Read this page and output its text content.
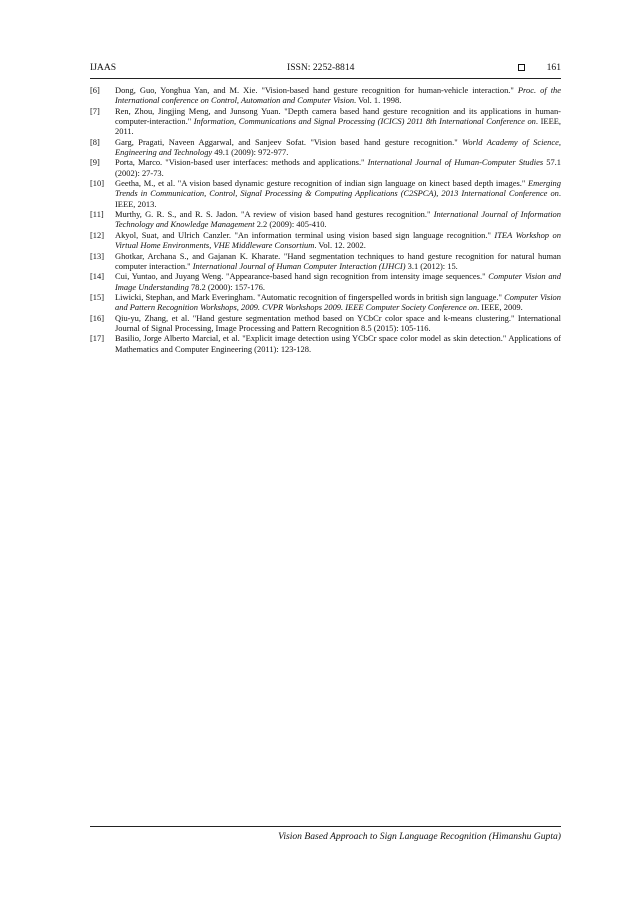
IJAAS	ISSN: 2252-8814	161

[6] Dong, Guo, Yonghua Yan, and M. Xie. "Vision-based hand gesture recognition for human-vehicle interaction." Proc. of the International conference on Control, Automation and Computer Vision. Vol. 1. 1998.

[7] Ren, Zhou, Jingjing Meng, and Junsong Yuan. "Depth camera based hand gesture recognition and its applications in human-computer-interaction." Information, Communications and Signal Processing (ICICS) 2011 8th International Conference on. IEEE, 2011.

[8] Garg, Pragati, Naveen Aggarwal, and Sanjeev Sofat. "Vision based hand gesture recognition." World Academy of Science, Engineering and Technology 49.1 (2009): 972-977.

[9] Porta, Marco. "Vision-based user interfaces: methods and applications." International Journal of Human-Computer Studies 57.1 (2002): 27-73.

[10] Geetha, M., et al. "A vision based dynamic gesture recognition of indian sign language on kinect based depth images." Emerging Trends in Communication, Control, Signal Processing & Computing Applications (C2SPCA), 2013 International Conference on. IEEE, 2013.

[11] Murthy, G. R. S., and R. S. Jadon. "A review of vision based hand gestures recognition." International Journal of Information Technology and Knowledge Management 2.2 (2009): 405-410.

[12] Akyol, Suat, and Ulrich Canzler. "An information terminal using vision based sign language recognition." ITEA Workshop on Virtual Home Environments, VHE Middleware Consortium. Vol. 12. 2002.

[13] Ghotkar, Archana S., and Gajanan K. Kharate. "Hand segmentation techniques to hand gesture recognition for natural human computer interaction." International Journal of Human Computer Interaction (IJHCI) 3.1 (2012): 15.

[14] Cui, Yuntao, and Juyang Weng. "Appearance-based hand sign recognition from intensity image sequences." Computer Vision and Image Understanding 78.2 (2000): 157-176.

[15] Liwicki, Stephan, and Mark Everingham. "Automatic recognition of fingerspelled words in british sign language." Computer Vision and Pattern Recognition Workshops, 2009. CVPR Workshops 2009. IEEE Computer Society Conference on. IEEE, 2009.

[16] Qiu-yu, Zhang, et al. "Hand gesture segmentation method based on YCbCr color space and k-means clustering." International Journal of Signal Processing, Image Processing and Pattern Recognition 8.5 (2015): 105-116.

[17] Basilio, Jorge Alberto Marcial, et al. "Explicit image detection using YCbCr space color model as skin detection." Applications of Mathematics and Computer Engineering (2011): 123-128.

Vision Based Approach to Sign Language Recognition (Himanshu Gupta)
